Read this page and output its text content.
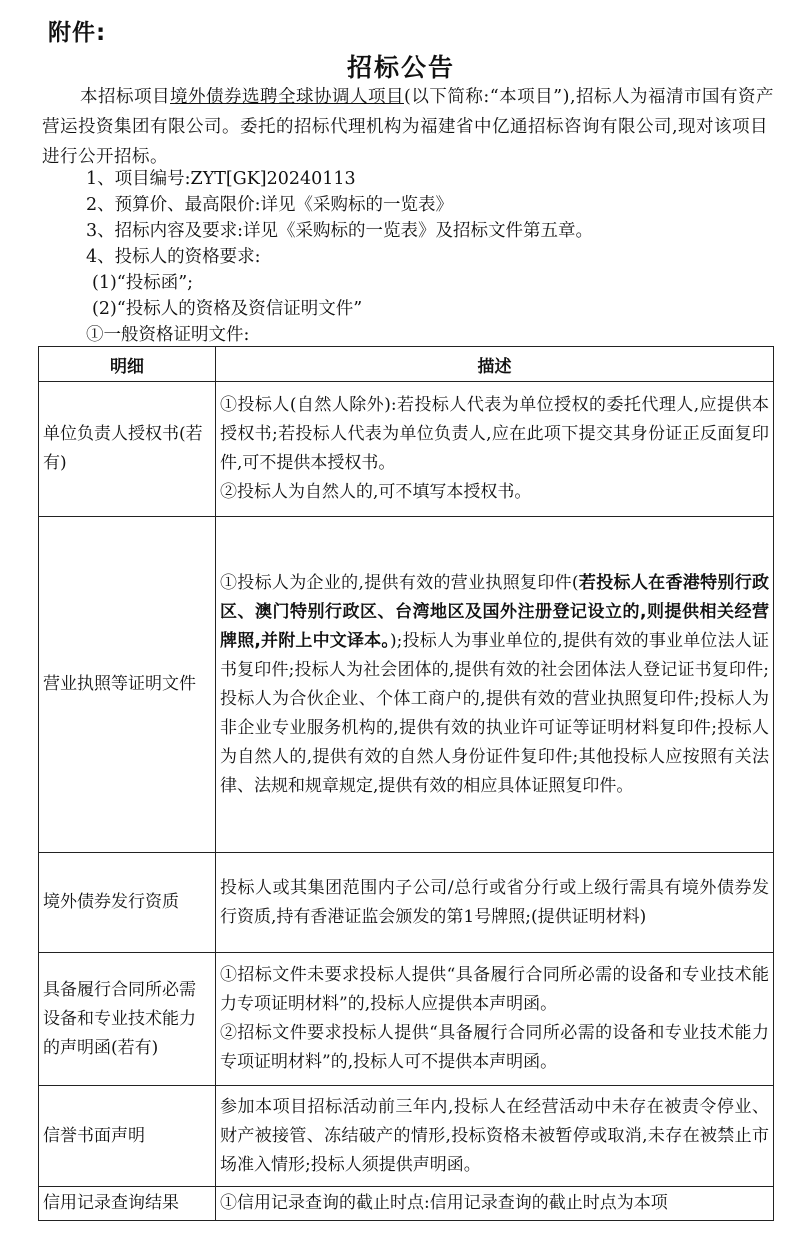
附件:
招标公告
本招标项目境外债券选聘全球协调人项目(以下简称:“本项目”),招标人为福清市国有资产营运投资集团有限公司。委托的招标代理机构为福建省中亿通招标咨询有限公司,现对该项目进行公开招标。
1、项目编号:ZYT[GK]20240113
2、预算价、最高限价:详见《采购标的一览表》
3、招标内容及要求:详见《采购标的一览表》及招标文件第五章。
4、投标人的资格要求:
(1)“投标函”;
(2)“投标人的资格及资信证明文件”
①一般资格证明文件:
明细	描述
单位负责人授权书(若有)	①投标人(自然人除外):若投标人代表为单位授权的委托代理人,应提供本授权书;若投标人代表为单位负责人,应在此项下提交其身份证正反面复印件,可不提供本授权书。
②投标人为自然人的,可不填写本授权书。

营业执照等证明文件	①投标人为企业的,提供有效的营业执照复印件(若投标人在香港特别行政区、澳门特别行政区、台湾地区及国外注册登记设立的,则提供相关经营牌照,并附上中文译本。);投标人为事业单位的,提供有效的事业单位法人证书复印件;投标人为社会团体的,提供有效的社会团体法人登记证书复印件;投标人为合伙企业、个体工商户的,提供有效的营业执照复印件;投标人为非企业专业服务机构的,提供有效的执业许可证等证明材料复印件;投标人为自然人的,提供有效的自然人身份证件复印件;其他投标人应按照有关法律、法规和规章规定,提供有效的相应具体证照复印件。
境外债券发行资质	投标人或其集团范围内子公司/总行或省分行或上级行需具有境外债券发行资质,持有香港证监会颁发的第1号牌照;(提供证明材料)

具备履行合同所必需设备和专业技术能力的声明函(若有)	①招标文件未要求投标人提供“具备履行合同所必需的设备和专业技术能力专项证明材料”的,投标人应提供本声明函。
②招标文件要求投标人提供“具备履行合同所必需的设备和专业技术能力专项证明材料”的,投标人可不提供本声明函。

信誉书面声明	参加本项目招标活动前三年内,投标人在经营活动中未存在被责令停业、财产被接管、冻结破产的情形,投标资格未被暂停或取消,未存在被禁止市场准入情形;投标人须提供声明函。

信用记录查询结果	①信用记录查询的截止时点:信用记录查询的截止时点为本项
